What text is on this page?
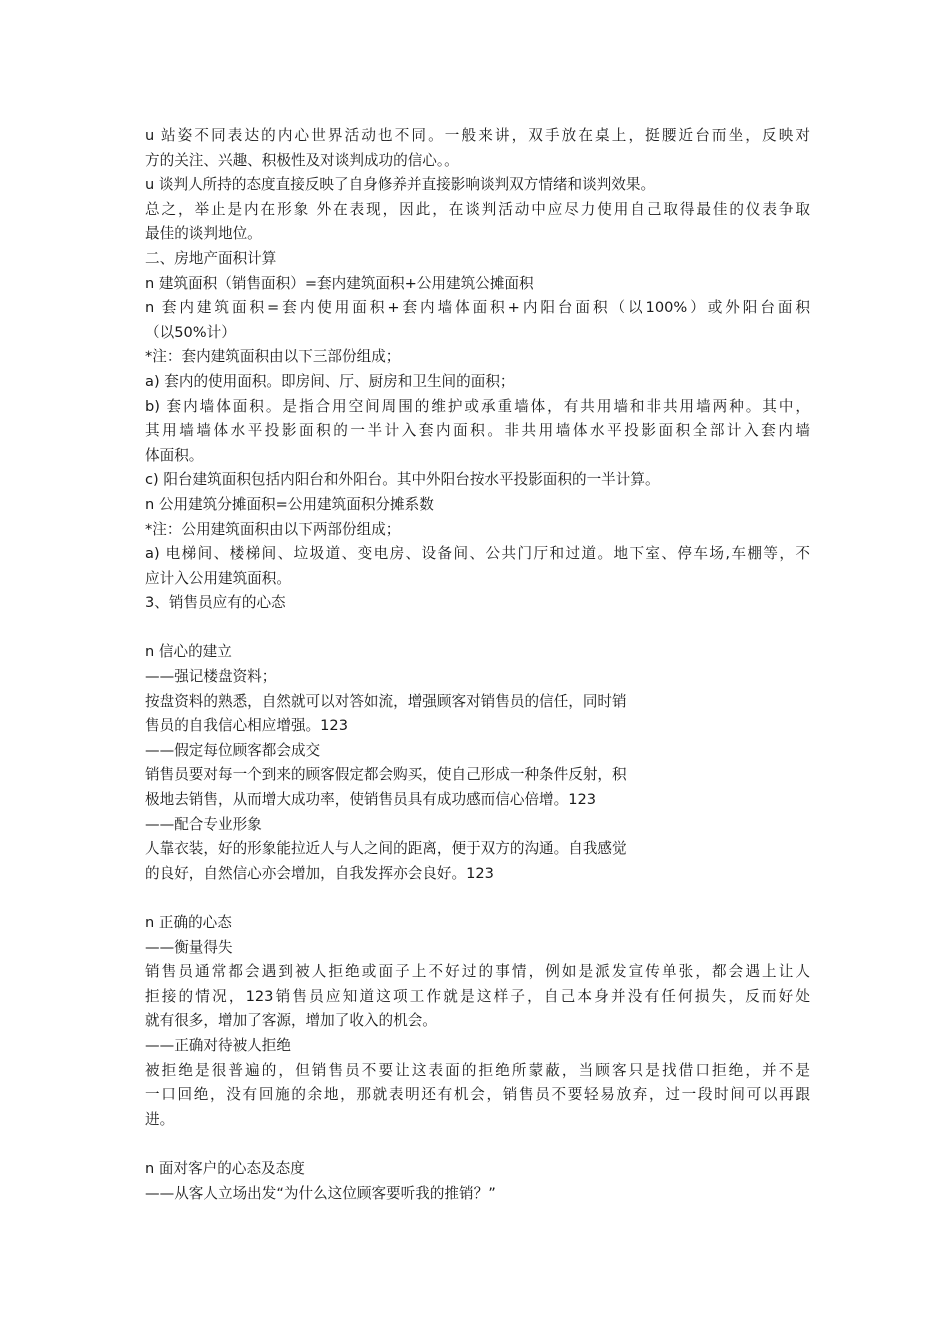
u 站姿不同表达的内心世界活动也不同。一般来讲，双手放在桌上，挺腰近台而坐，反映对
方的关注、兴趣、积极性及对谈判成功的信心。。
u 谈判人所持的态度直接反映了自身修养并直接影响谈判双方情绪和谈判效果。
总之，举止是内在形象 外在表现，因此，在谈判活动中应尽力使用自己取得最佳的仪表争取
最佳的谈判地位。
二、房地产面积计算
n 建筑面积（销售面积）=套内建筑面积+公用建筑公摊面积
n 套内建筑面积=套内使用面积+套内墙体面积+内阳台面积（以100%）或外阳台面积
（以50%计）
*注：套内建筑面积由以下三部份组成；
a) 套内的使用面积。即房间、厅、厨房和卫生间的面积；
b) 套内墙体面积。是指合用空间周围的维护或承重墙体，有共用墙和非共用墙两种。其中，
其用墙墙体水平投影面积的一半计入套内面积。非共用墙体水平投影面积全部计入套内墙
体面积。
c) 阳台建筑面积包括内阳台和外阳台。其中外阳台按水平投影面积的一半计算。
n 公用建筑分摊面积=公用建筑面积分摊系数
*注：公用建筑面积由以下两部份组成；
a) 电梯间、楼梯间、垃圾道、变电房、设备间、公共门厅和过道。地下室、停车场,车棚等，不
应计入公用建筑面积。
3、销售员应有的心态
n 信心的建立
——强记楼盘资料；
按盘资料的熟悉，自然就可以对答如流，增强顾客对销售员的信任，同时销
售员的自我信心相应增强。123
——假定每位顾客都会成交
销售员要对每一个到来的顾客假定都会购买，使自己形成一种条件反射，积
极地去销售，从而增大成功率，使销售员具有成功感而信心倍增。123
——配合专业形象
人靠衣装，好的形象能拉近人与人之间的距离，便于双方的沟通。自我感觉
的良好，自然信心亦会增加，自我发挥亦会良好。123
n 正确的心态
——衡量得失
销售员通常都会遇到被人拒绝或面子上不好过的事情，例如是派发宣传单张，都会遇上让人
拒接的情况，123销售员应知道这项工作就是这样子，自己本身并没有任何损失，反而好处
就有很多，增加了客源，增加了收入的机会。
——正确对待被人拒绝
被拒绝是很普遍的，但销售员不要让这表面的拒绝所蒙蔽，当顾客只是找借口拒绝，并不是
一口回绝，没有回施的余地，那就表明还有机会，销售员不要轻易放弃，过一段时间可以再跟
进。
n 面对客户的心态及态度
——从客人立场出发“为什么这位顾客要听我的推销？”
